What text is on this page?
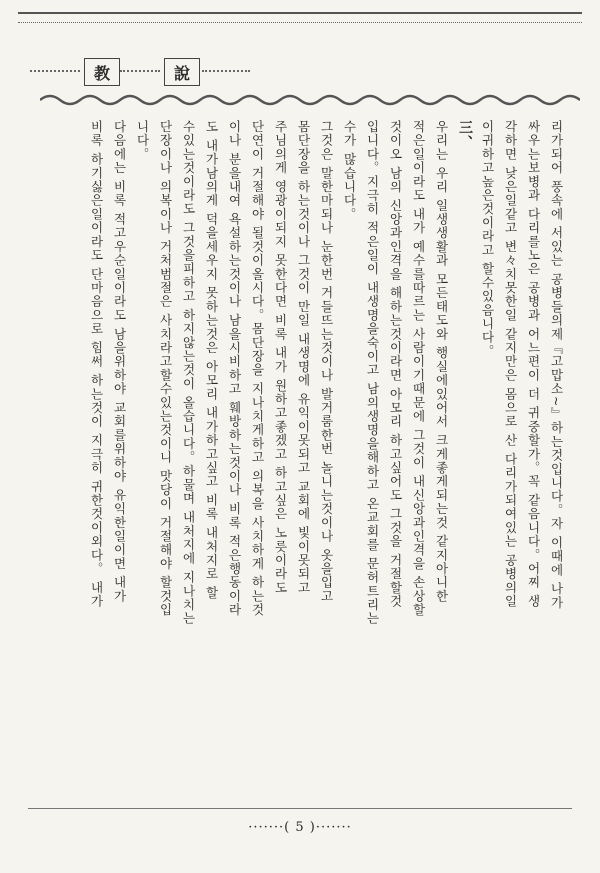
教	說
리가되어 풍속에 서있는 공병들의제『고맙소~』하는것입니다。자 이때에 나가
싸우는보병과 다리를노은 공병과 어느편이 더 귀중할가。꼭 같음니다。어찌 생
각하면 낮은일같고 변々치못한일 같지만은 몸으로 산 다리가되여있는 공병의일
이귀하고높은것이라고 할수있음니다。
三、
우리는 우리 일생생활과 모든태도와 행실에있어서 크게좋게되는것 같지아니한
적은일이라도 내가 예수를따르는 사람이기때문에 그것이 내신앙과인격을 손상할
것이오 남의 신앙과인격을 해하는것이라면 아모리 하고싶어도 그것을 거절할것
입니다。지극히 적은일이 내생명을숙이고 남의생명을해하고 온교회를 문허트리는
수가 많습니다。
그것은 말한마되나 눈한번 거들뜨는것이나 발거룸한번 놀니는것이나 옷을입고
몸단장을 하는것이나 그것이 만일 내생명에 유익이못되고 교회에 빛이못되고
주님의게 영광이되지 못한다면 비록 내가 원하고좋겠고 하고싶은 노릇이라도
단연이 거절해야 될것이올시다。몸단장을 지나치게하고 의복을 사치하게 하는것
이나 분을내여 욕설하는것이나 남을시비하고 훼방하는것이나 비록 적은행동이라
도 내가남의게 덕을세우지 못하는것은 아모리 내가하고싶고 비록 내처지로 할
수있는것이라도 그것을피하고 하지않는것이 올습니다。하물며 내처지에 지나치는
단장이나 의복이나 거처범절은 사치라고할수있는것이니 맛당이 거절해야 할것입
니다。
다음에는 비록 적고우순일이라도 남을위하야 교회를위하야 유익한일이면 내가
비록 하기싫은일이라도 단마음으로 힘써 하는것이 지극히 귀한것이외다。 내가
·······( 5 )·······
